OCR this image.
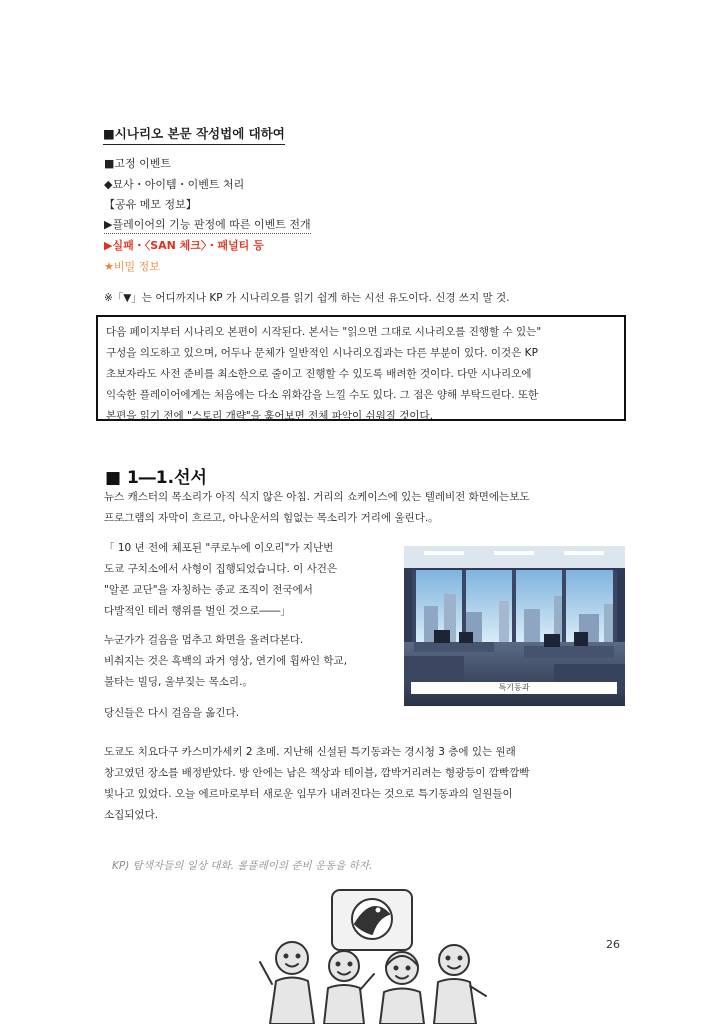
■시나리오 본문 작성법에 대하여
■고정 이벤트
◆묘사・아이템・이벤트 처리
【공유 메모 정보】
▶플레이어의 기능 판정에 따른 이벤트 전개
▶실패・〈SAN 체크〉・패널티 등
★비밀 정보
※「▼」는 어디까지나 KP 가 시나리오를 읽기 쉽게 하는 시선 유도이다. 신경 쓰지 말 것.
다음 페이지부터 시나리오 본편이 시작된다. 본서는 "읽으면 그대로 시나리오를 진행할 수 있는"
구성을 의도하고 있으며, 어두나 문체가 일반적인 시나리오집과는 다른 부분이 있다. 이것은 KP
초보자라도 사전 준비를 최소한으로 줄이고 진행할 수 있도록 배려한 것이다. 다만 시나리오에
익숙한 플레이어에게는 처음에는 다소 위화감을 느낄 수도 있다. 그 점은 양해 부탁드린다. 또한
본편을 읽기 전에 "스토리 개략"을 훑어보면 전체 파악이 쉬워질 것이다.
■ 1―1.선서
뉴스 캐스터의 목소리가 아직 식지 않은 아침. 거리의 쇼케이스에 있는 텔레비전 화면에는보도
프로그램의 자막이 흐르고, 아나운서의 힘없는 목소리가 거리에 울린다.。
「 10 년 전에 체포된 "쿠로누에 이오리"가 지난번
도쿄 구치소에서 사형이 집행되었습니다. 이 사건은
"알콘 교단"을 자칭하는 종교 조직이 전국에서
다발적인 테러 행위를 벌인 것으로――」
누군가가 걸음을 멈추고 화면을 올려다본다.
비춰지는 것은 흑백의 과거 영상, 연기에 휩싸인 학교,
불타는 빌딩, 울부짖는 목소리.。
당신들은 다시 걸음을 옮긴다.
특기동과
도쿄도 치요다구 카스미가세키 2 초메. 지난해 신설된 특기동과는 경시청 3 층에 있는 원래
창고였던 장소를 배정받았다. 방 안에는 남은 책상과 테이블, 깜박거리려는 형광등이 깜빡깜빡
빛나고 있었다. 오늘 에르마로부터 새로운 임무가 내려진다는 것으로 특기동과의 일원들이
소집되었다.
KP) 탐색자들의 일상 대화. 롤플레이의 준비 운동을 하자.
26
